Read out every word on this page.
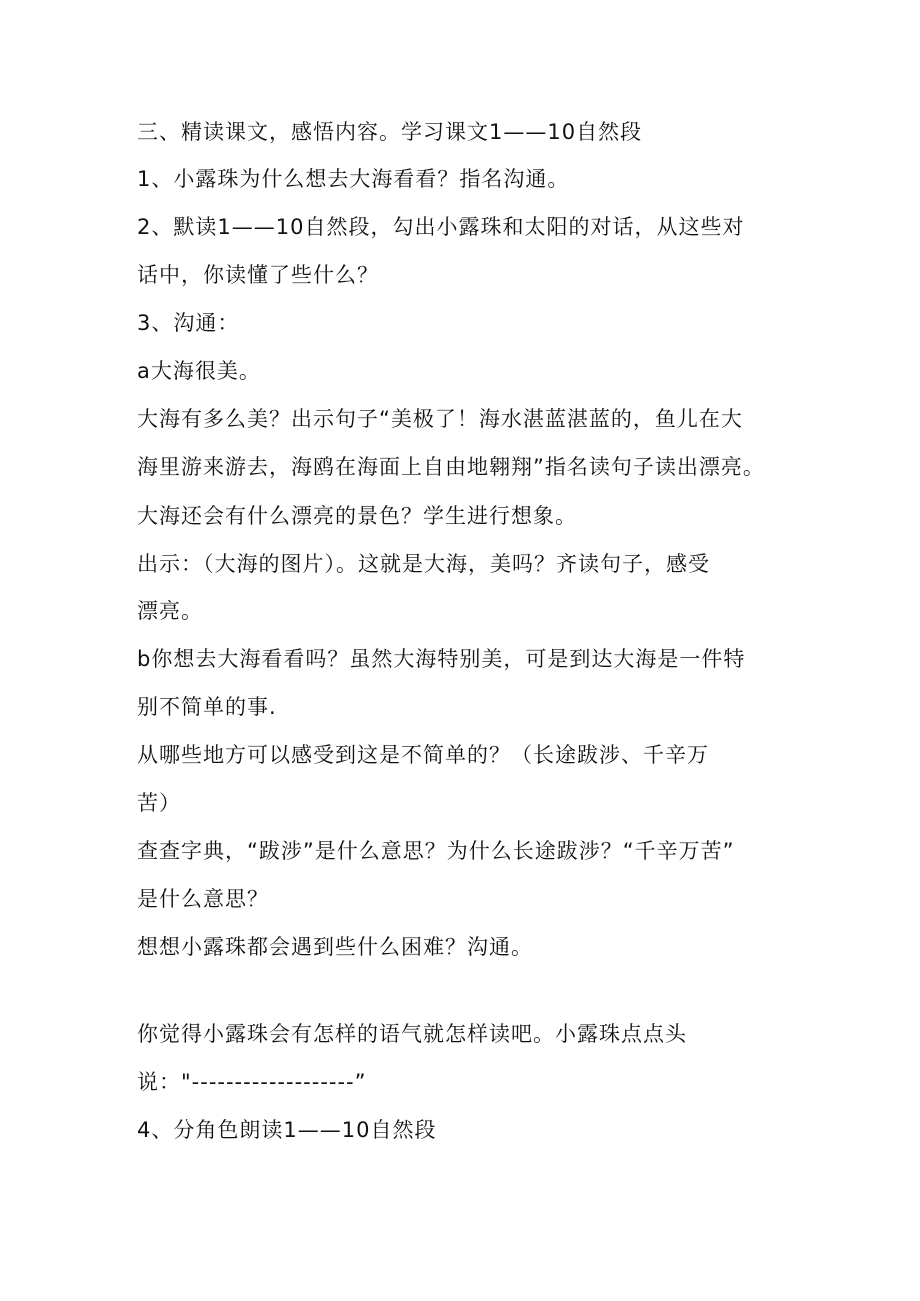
三、精读课文，感悟内容。学习课文1——10自然段
1、小露珠为什么想去大海看看？指名沟通。
2、默读1——10自然段，勾出小露珠和太阳的对话，从这些对
话中，你读懂了些什么？
3、沟通：
a大海很美。
大海有多么美？出示句子“美极了！海水湛蓝湛蓝的，鱼儿在大
海里游来游去，海鸥在海面上自由地翱翔”指名读句子读出漂亮。
大海还会有什么漂亮的景色？学生进行想象。
出示：（大海的图片）。这就是大海，美吗？齐读句子，感受
漂亮。
b你想去大海看看吗？虽然大海特别美，可是到达大海是一件特
别不简单的事.
从哪些地方可以感受到这是不简单的？（长途跋涉、千辛万
苦）
查查字典，“跋涉”是什么意思？为什么长途跋涉？“千辛万苦”
是什么意思？
想想小露珠都会遇到些什么困难？沟通。
你觉得小露珠会有怎样的语气就怎样读吧。小露珠点点头
说："-------------------”
4、分角色朗读1——10自然段
